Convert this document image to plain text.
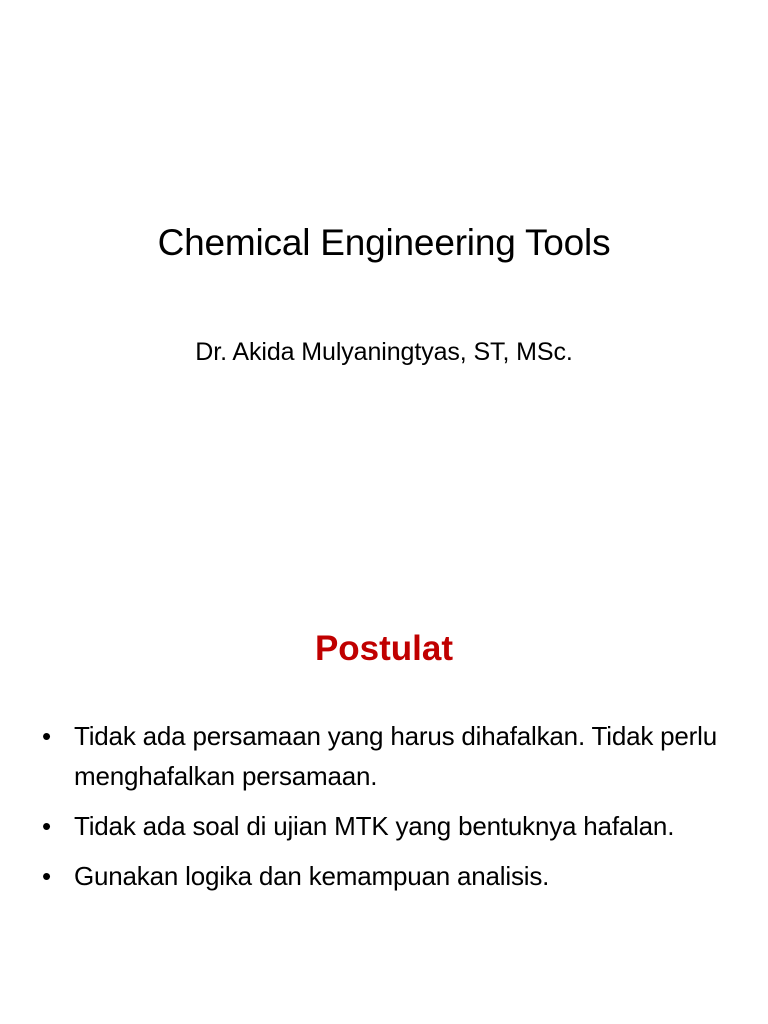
Chemical Engineering Tools
Dr. Akida Mulyaningtyas, ST, MSc.
Postulat
• Tidak ada persamaan yang harus dihafalkan. Tidak perlu menghafalkan persamaan.
• Tidak ada soal di ujian MTK yang bentuknya hafalan.
• Gunakan logika dan kemampuan analisis.
